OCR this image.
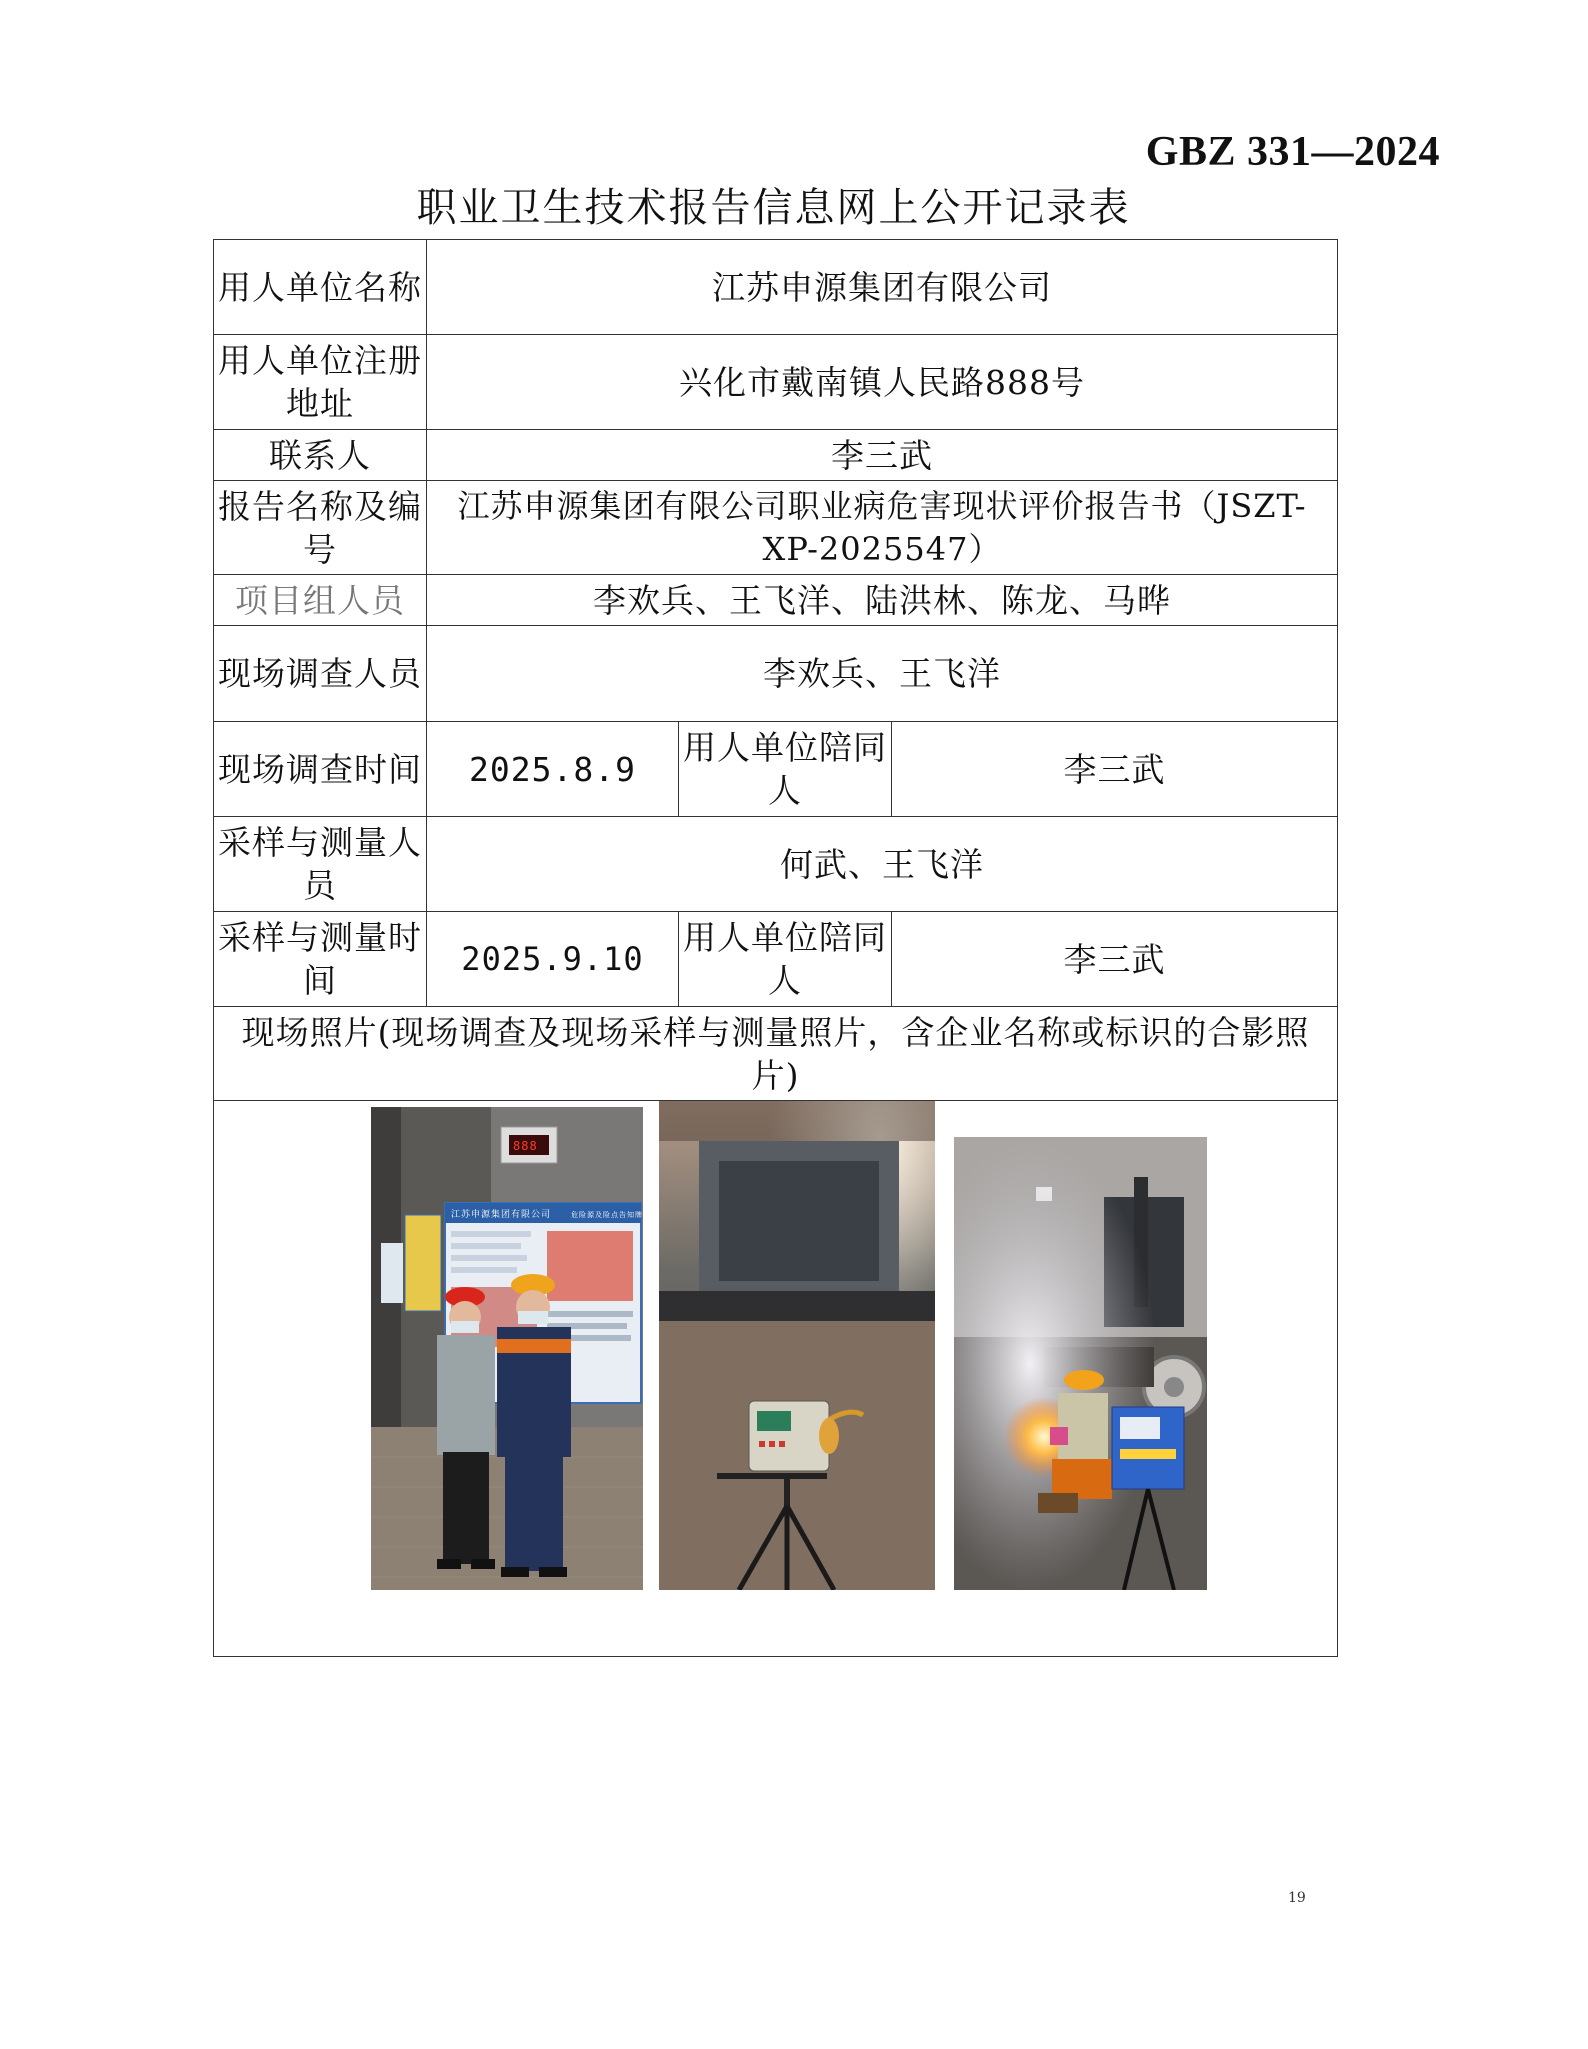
GBZ 331—2024
职业卫生技术报告信息网上公开记录表
用人单位名称	江苏申源集团有限公司		
用人单位注册地址	兴化市戴南镇人民路888号		
联系人	李三武		
报告名称及编号	江苏申源集团有限公司职业病危害现状评价报告书（JSZT-XP-2025547）		
项目组人员	李欢兵、王飞洋、陆洪林、陈龙、马晔		
现场调查人员	李欢兵、王飞洋		
现场调查时间	2025.8.9	用人单位陪同人	李三武
采样与测量人员	何武、王飞洋		
采样与测量时间	2025.9.10	用人单位陪同人	李三武
现场照片(现场调查及现场采样与测量照片，含企业名称或标识的合影照片)			

888
江苏申源集团有限公司 危险源及险点告知牌			
19
